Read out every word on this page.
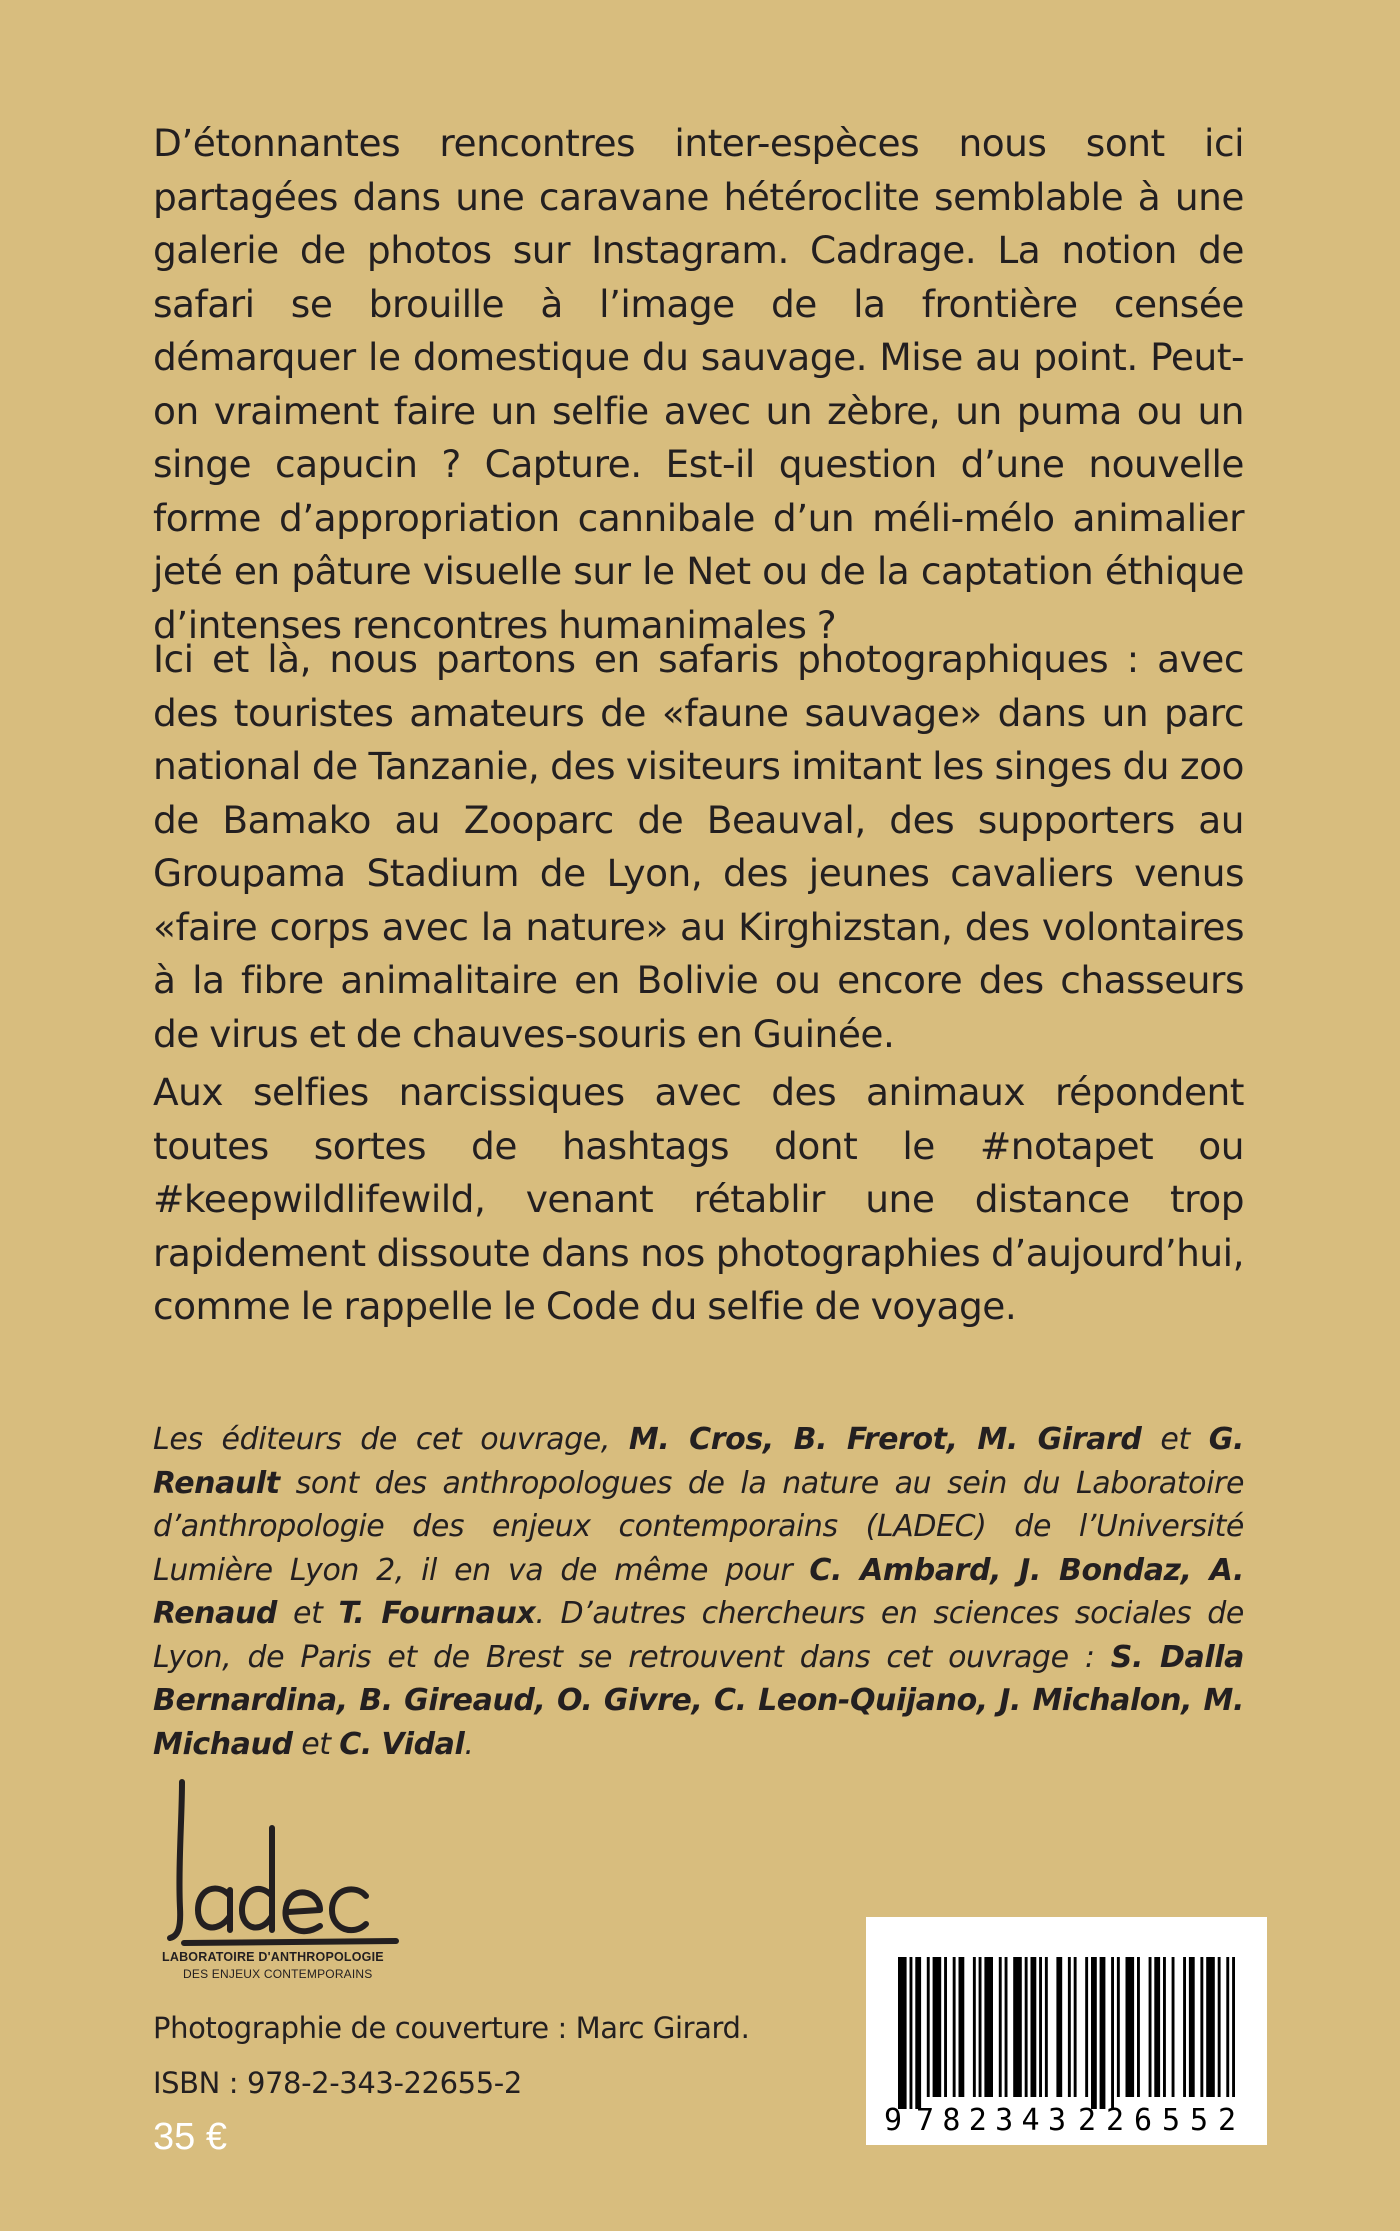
D’étonnantes rencontres inter-espèces nous sont ici partagées dans une caravane hétéroclite semblable à une galerie de photos sur Instagram. Cadrage. La notion de safari se brouille à l’image de la frontière censée démarquer le domestique du sauvage. Mise au point. Peut-on vraiment faire un selfie avec un zèbre, un puma ou un singe capucin ? Capture. Est-il question d’une nouvelle forme d’appropriation cannibale d’un méli-mélo animalier jeté en pâture visuelle sur le Net ou de la captation éthique d’intenses rencontres humanimales ?

Ici et là, nous partons en safaris photographiques : avec des touristes amateurs de «faune sauvage» dans un parc national de Tanzanie, des visiteurs imitant les singes du zoo de Bamako au Zooparc de Beauval, des supporters au Groupama Stadium de Lyon, des jeunes cavaliers venus «faire corps avec la nature» au Kirghizstan, des volontaires à la fibre animalitaire en Bolivie ou encore des chasseurs de virus et de chauves-souris en Guinée.

Aux selfies narcissiques avec des animaux répondent toutes sortes de hashtags dont le #notapet ou #keepwildlifewild, venant rétablir une distance trop rapidement dissoute dans nos photographies d’aujourd’hui, comme le rappelle le Code du selfie de voyage.

Les éditeurs de cet ouvrage, M. Cros, B. Frerot, M. Girard et G. Renault sont des anthropologues de la nature au sein du Laboratoire d’anthropologie des enjeux contemporains (LADEC) de l’Université Lumière Lyon 2, il en va de même pour C. Ambard, J. Bondaz, A. Renaud et T. Fournaux. D’autres chercheurs en sciences sociales de Lyon, de Paris et de Brest se retrouvent dans cet ouvrage : S. Dalla Bernardina, B. Gireaud, O. Givre, C. Leon-Quijano, J. Michalon, M. Michaud et C. Vidal.

LABORATOIRE D'ANTHROPOLOGIE
DES ENJEUX CONTEMPORAINS
Photographie de couverture : Marc Girard.
ISBN : 978-2-343-22655-2
35 €	9 782343 226552
